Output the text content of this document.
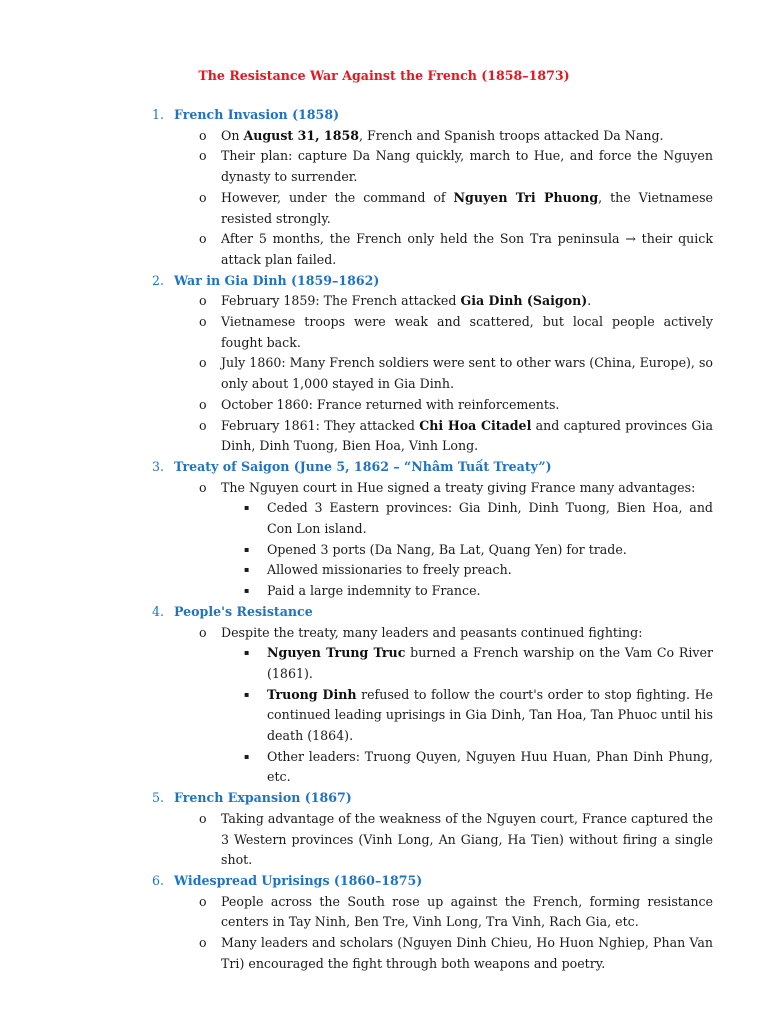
The Resistance War Against the French (1858–1873)
1. French Invasion (1858)
o On August 31, 1858, French and Spanish troops attacked Da Nang.
o Their plan: capture Da Nang quickly, march to Hue, and force the Nguyen dynasty to surrender.
o However, under the command of Nguyen Tri Phuong, the Vietnamese resisted strongly.
o After 5 months, the French only held the Son Tra peninsula → their quick attack plan failed.
2. War in Gia Dinh (1859–1862)
o February 1859: The French attacked Gia Dinh (Saigon).
o Vietnamese troops were weak and scattered, but local people actively fought back.
o July 1860: Many French soldiers were sent to other wars (China, Europe), so only about 1,000 stayed in Gia Dinh.
o October 1860: France returned with reinforcements.
o February 1861: They attacked Chi Hoa Citadel and captured provinces Gia Dinh, Dinh Tuong, Bien Hoa, Vinh Long.
3. Treaty of Saigon (June 5, 1862 – “Nhâm Tuất Treaty”)
o The Nguyen court in Hue signed a treaty giving France many advantages:
▪ Ceded 3 Eastern provinces: Gia Dinh, Dinh Tuong, Bien Hoa, and Con Lon island.
▪ Opened 3 ports (Da Nang, Ba Lat, Quang Yen) for trade.
▪ Allowed missionaries to freely preach.
▪ Paid a large indemnity to France.
4. People's Resistance
o Despite the treaty, many leaders and peasants continued fighting:
▪ Nguyen Trung Truc burned a French warship on the Vam Co River (1861).
▪ Truong Dinh refused to follow the court's order to stop fighting. He continued leading uprisings in Gia Dinh, Tan Hoa, Tan Phuoc until his death (1864).
▪ Other leaders: Truong Quyen, Nguyen Huu Huan, Phan Dinh Phung, etc.
5. French Expansion (1867)
o Taking advantage of the weakness of the Nguyen court, France captured the 3 Western provinces (Vinh Long, An Giang, Ha Tien) without firing a single shot.
6. Widespread Uprisings (1860–1875)
o People across the South rose up against the French, forming resistance centers in Tay Ninh, Ben Tre, Vinh Long, Tra Vinh, Rach Gia, etc.
o Many leaders and scholars (Nguyen Dinh Chieu, Ho Huon Nghiep, Phan Van Tri) encouraged the fight through both weapons and poetry.
